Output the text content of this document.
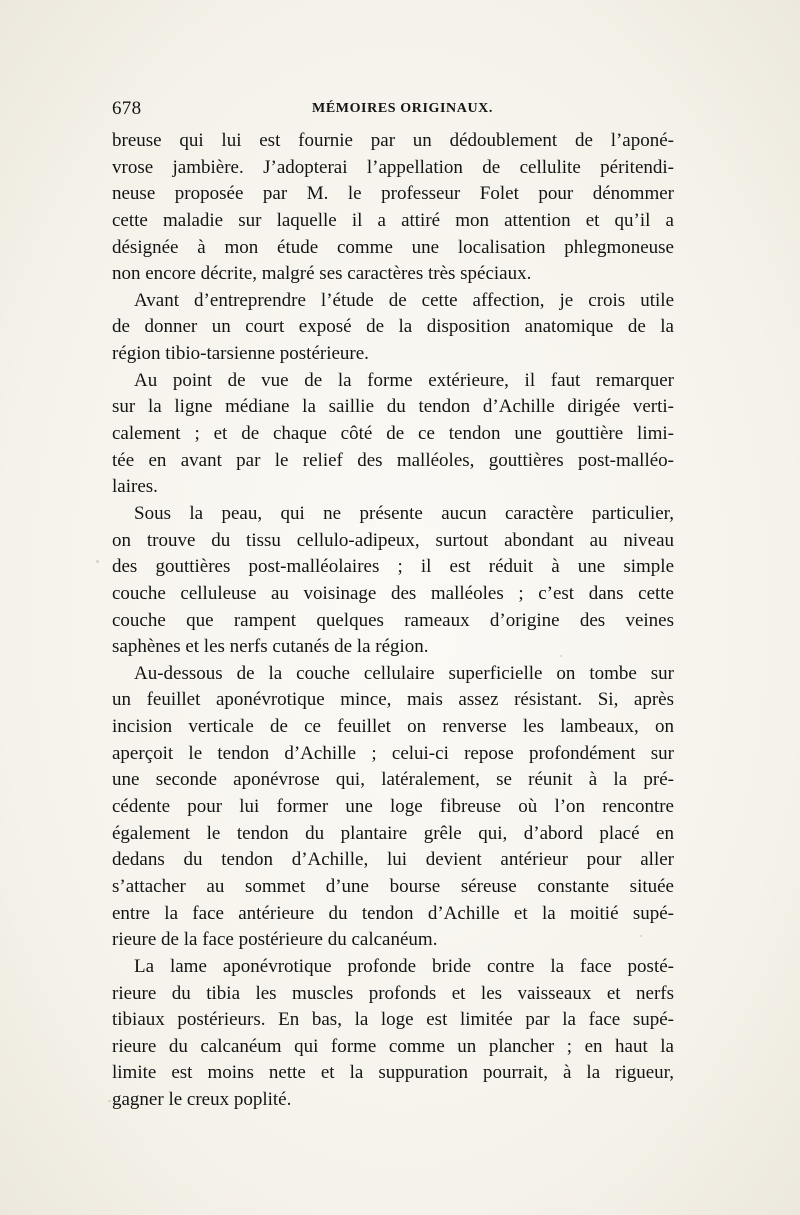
678	MÉMOIRES ORIGINAUX.
breuse qui lui est fournie par un dédoublement de l’aponé-
vrose jambière. J’adopterai l’appellation de cellulite péritendi-
neuse proposée par M. le professeur Folet pour dénommer
cette maladie sur laquelle il a attiré mon attention et qu’il a
désignée à mon étude comme une localisation phlegmoneuse
non encore décrite, malgré ses caractères très spéciaux.
Avant d’entreprendre l’étude de cette affection, je crois utile
de donner un court exposé de la disposition anatomique de la
région tibio-tarsienne postérieure.
Au point de vue de la forme extérieure, il faut remarquer
sur la ligne médiane la saillie du tendon d’Achille dirigée verti-
calement ; et de chaque côté de ce tendon une gouttière limi-
tée en avant par le relief des malléoles, gouttières post-malléo-
laires.
Sous la peau, qui ne présente aucun caractère particulier,
on trouve du tissu cellulo-adipeux, surtout abondant au niveau
des gouttières post-malléolaires ; il est réduit à une simple
couche celluleuse au voisinage des malléoles ; c’est dans cette
couche que rampent quelques rameaux d’origine des veines
saphènes et les nerfs cutanés de la région.
Au-dessous de la couche cellulaire superficielle on tombe sur
un feuillet aponévrotique mince, mais assez résistant. Si, après
incision verticale de ce feuillet on renverse les lambeaux, on
aperçoit le tendon d’Achille ; celui-ci repose profondément sur
une seconde aponévrose qui, latéralement, se réunit à la pré-
cédente pour lui former une loge fibreuse où l’on rencontre
également le tendon du plantaire grêle qui, d’abord placé en
dedans du tendon d’Achille, lui devient antérieur pour aller
s’attacher au sommet d’une bourse séreuse constante située
entre la face antérieure du tendon d’Achille et la moitié supé-
rieure de la face postérieure du calcanéum.
La lame aponévrotique profonde bride contre la face posté-
rieure du tibia les muscles profonds et les vaisseaux et nerfs
tibiaux postérieurs. En bas, la loge est limitée par la face supé-
rieure du calcanéum qui forme comme un plancher ; en haut la
limite est moins nette et la suppuration pourrait, à la rigueur,
gagner le creux poplité.
